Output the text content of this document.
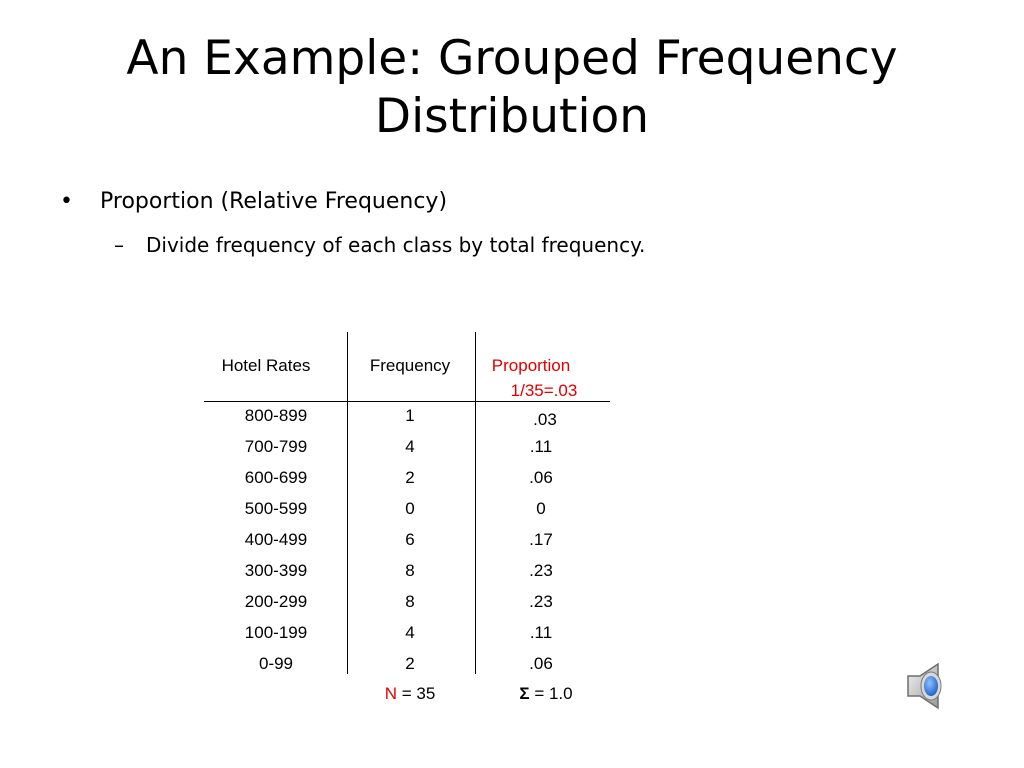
An Example: Grouped Frequency
Distribution
• Proportion (Relative Frequency)
– Divide frequency of each class by total frequency.
Hotel Rates	Frequency	Proportion
1/35=.03
800-899	1	.03
700-799	4	.11
600-699	2	.06
500-599	0	0
400-499	6	.17
300-399	8	.23
200-299	8	.23
100-199	4	.11
0-99	2	.06
N = 35	Σ = 1.0
